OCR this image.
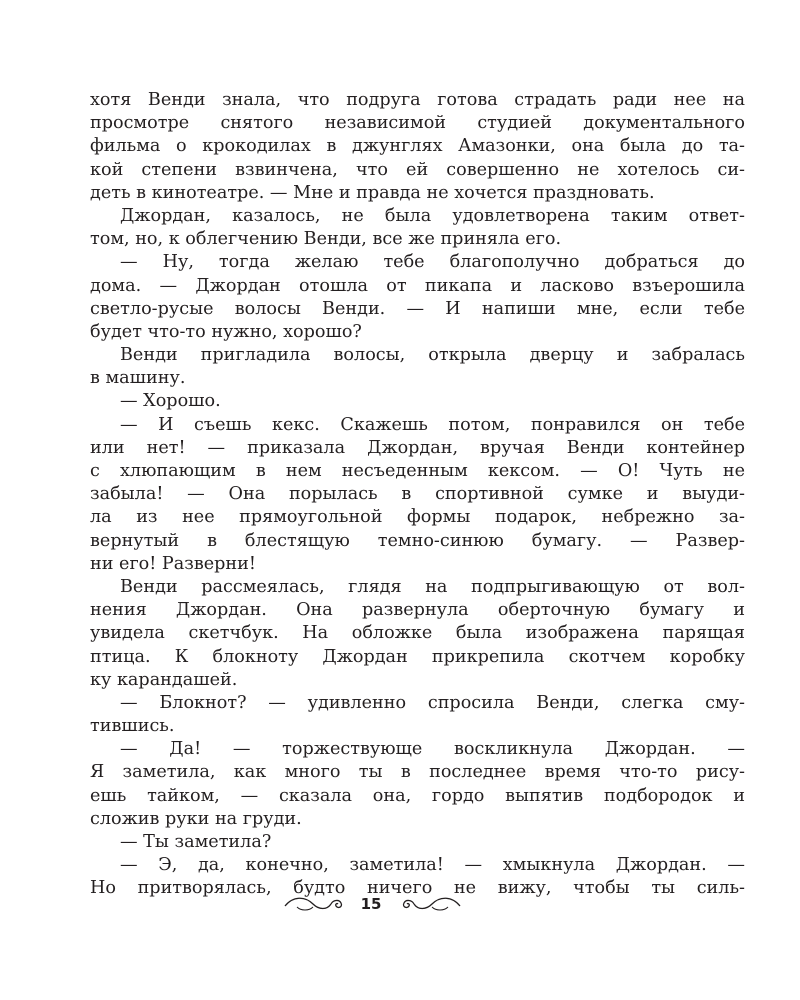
хотя Венди знала, что подруга готова страдать ради нее на
просмотре снятого независимой студией документального
фильма о крокодилах в джунглях Амазонки, она была до та-
кой степени взвинчена, что ей совершенно не хотелось си-
деть в кинотеатре. — Мне и правда не хочется праздновать.
Джордан, казалось, не была удовлетворена таким ответ-
том, но, к облегчению Венди, все же приняла его.
— Ну, тогда желаю тебе благополучно добраться до
дома. — Джордан отошла от пикапа и ласково взъерошила
светло-русые волосы Венди. — И напиши мне, если тебе
будет что-то нужно, хорошо?
Венди пригладила волосы, открыла дверцу и забралась
в машину.
— Хорошо.
— И съешь кекс. Скажешь потом, понравился он тебе
или нет! — приказала Джордан, вручая Венди контейнер
с хлюпающим в нем несъеденным кексом. — О! Чуть не
забыла! — Она порылась в спортивной сумке и выуди-
ла из нее прямоугольной формы подарок, небрежно за-
вернутый в блестящую темно-синюю бумагу. — Развер-
ни его! Разверни!
Венди рассмеялась, глядя на подпрыгивающую от вол-
нения Джордан. Она развернула оберточную бумагу и
увидела скетчбук. На обложке была изображена парящая
птица. К блокноту Джордан прикрепила скотчем коробку
ку карандашей.
— Блокнот? — удивленно спросила Венди, слегка сму-
тившись.
— Да! — торжествующе воскликнула Джордан. —
Я заметила, как много ты в последнее время что-то рису-
ешь тайком, — сказала она, гордо выпятив подбородок и
сложив руки на груди.
— Ты заметила?
— Э, да, конечно, заметила! — хмыкнула Джордан. —
Но притворялась, будто ничего не вижу, чтобы ты силь-
15
